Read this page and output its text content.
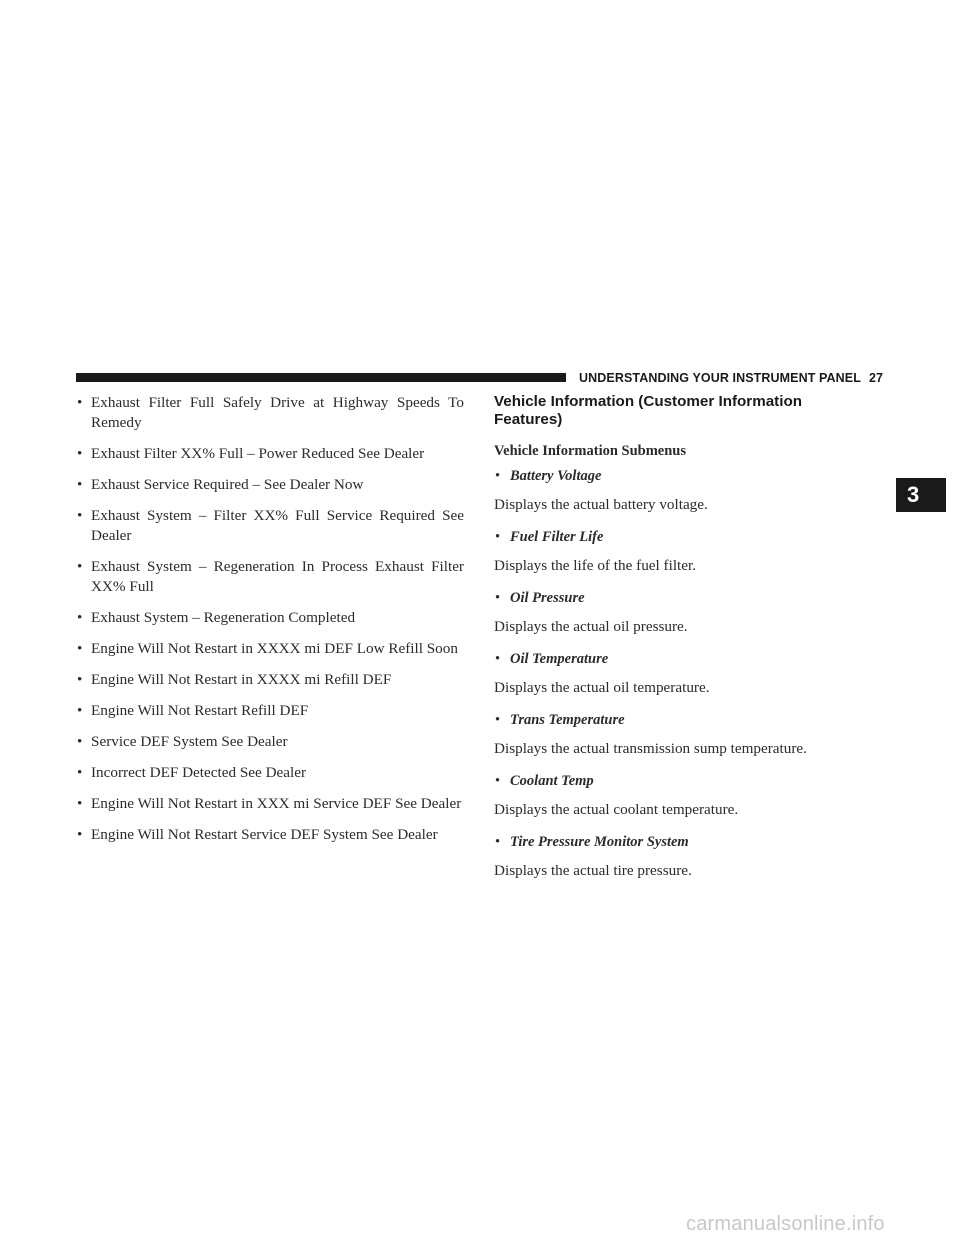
UNDERSTANDING YOUR INSTRUMENT PANEL 27
3
• Exhaust Filter Full Safely Drive at Highway Speeds To Remedy
• Exhaust Filter XX% Full – Power Reduced See Dealer
• Exhaust Service Required – See Dealer Now
• Exhaust System – Filter XX% Full Service Required See Dealer
• Exhaust System – Regeneration In Process Exhaust Filter XX% Full
• Exhaust System – Regeneration Completed
• Engine Will Not Restart in XXXX mi DEF Low Refill Soon
• Engine Will Not Restart in XXXX mi Refill DEF
• Engine Will Not Restart Refill DEF
• Service DEF System See Dealer
• Incorrect DEF Detected See Dealer
• Engine Will Not Restart in XXX mi Service DEF See Dealer
• Engine Will Not Restart Service DEF System See Dealer
Vehicle Information (Customer Information Features)
Vehicle Information Submenus
• Battery Voltage

Displays the actual battery voltage.

• Fuel Filter Life

Displays the life of the fuel filter.

• Oil Pressure

Displays the actual oil pressure.

• Oil Temperature

Displays the actual oil temperature.

• Trans Temperature

Displays the actual transmission sump temperature.

• Coolant Temp

Displays the actual coolant temperature.

• Tire Pressure Monitor System

Displays the actual tire pressure.

carmanualsonline.info
